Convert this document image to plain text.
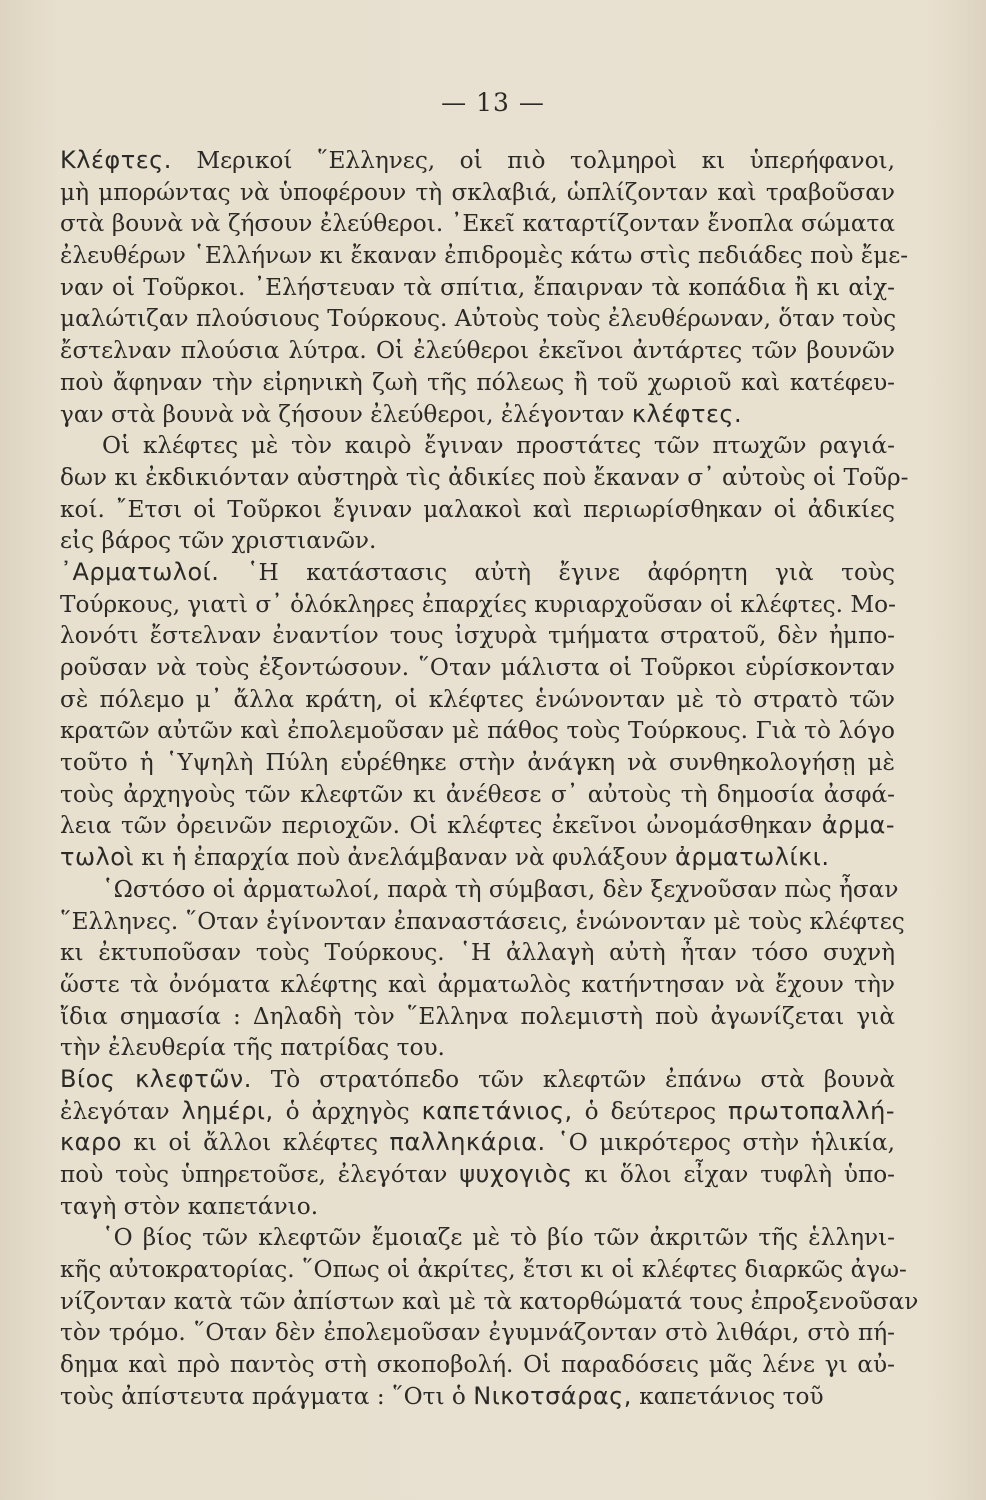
— 13 —
Κλέφτες. Μερικοί ῞Ελληνες, οἱ πιὸ τολμηροὶ κι ὑπερήφανοι,
μὴ μπορώντας νὰ ὑποφέρουν τὴ σκλαβιά, ὡπλίζονταν καὶ τραβοῦσαν
στὰ βουνὰ νὰ ζήσουν ἐλεύθεροι. ᾿Εκεῖ καταρτίζονταν ἔνοπλα σώματα
ἐλευθέρων ῾Ελλήνων κι ἔκαναν ἐπιδρομὲς κάτω στὶς πεδιάδες ποὺ ἔμε-
ναν οἱ Τοῦρκοι. ᾿Ελήστευαν τὰ σπίτια, ἔπαιρναν τὰ κοπάδια ἢ κι αἰχ-
μαλώτιζαν πλούσιους Τούρκους. Αὐτοὺς τοὺς ἐλευθέρωναν, ὅταν τοὺς
ἔστελναν πλούσια λύτρα. Οἱ ἐλεύθεροι ἐκεῖνοι ἀντάρτες τῶν βουνῶν
ποὺ ἄφηναν τὴν εἰρηνικὴ ζωὴ τῆς πόλεως ἢ τοῦ χωριοῦ καὶ κατέφευ-
γαν στὰ βουνὰ νὰ ζήσουν ἐλεύθεροι, ἐλέγονταν κλέφτες.
Οἱ κλέφτες μὲ τὸν καιρὸ ἔγιναν προστάτες τῶν πτωχῶν ραγιά-
δων κι ἐκδικιόνταν αὐστηρὰ τὶς ἀδικίες ποὺ ἔκαναν σ᾿ αὐτοὺς οἱ Τοῦρ-
κοί. ῎Ετσι οἱ Τοῦρκοι ἔγιναν μαλακοὶ καὶ περιωρίσθηκαν οἱ ἀδικίες
εἰς βάρος τῶν χριστιανῶν.
᾿Αρματωλοί. ῾Η κατάστασις αὐτὴ ἔγινε ἀφόρητη γιὰ τοὺς
Τούρκους, γιατὶ σ᾿ ὁλόκληρες ἐπαρχίες κυριαρχοῦσαν οἱ κλέφτες. Μο-
λονότι ἔστελναν ἐναντίον τους ἰσχυρὰ τμήματα στρατοῦ, δὲν ἠμπο-
ροῦσαν νὰ τοὺς ἐξοντώσουν. ῞Οταν μάλιστα οἱ Τοῦρκοι εὑρίσκονταν
σὲ πόλεμο μ᾿ ἄλλα κράτη, οἱ κλέφτες ἑνώνονταν μὲ τὸ στρατὸ τῶν
κρατῶν αὐτῶν καὶ ἐπολεμοῦσαν μὲ πάθος τοὺς Τούρκους. Γιὰ τὸ λόγο
τοῦτο ἡ ῾Υψηλὴ Πύλη εὑρέθηκε στὴν ἀνάγκη νὰ συνθηκολογήσῃ μὲ
τοὺς ἀρχηγοὺς τῶν κλεφτῶν κι ἀνέθεσε σ᾿ αὐτοὺς τὴ δημοσία ἀσφά-
λεια τῶν ὀρεινῶν περιοχῶν. Οἱ κλέφτες ἐκεῖνοι ὠνομάσθηκαν ἀρμα-
τωλοὶ κι ἡ ἐπαρχία ποὺ ἀνελάμβαναν νὰ φυλάξουν ἀρματωλίκι.
῾Ωστόσο οἱ ἀρματωλοί, παρὰ τὴ σύμβασι, δὲν ξεχνοῦσαν πὼς ἦσαν
῞Ελληνες. ῞Οταν ἐγίνονταν ἐπαναστάσεις, ἑνώνονταν μὲ τοὺς κλέφτες
κι ἐκτυποῦσαν τοὺς Τούρκους. ῾Η ἀλλαγὴ αὐτὴ ἦταν τόσο συχνὴ
ὥστε τὰ ὀνόματα κλέφτης καὶ ἀρματωλὸς κατήντησαν νὰ ἔχουν τὴν
ἴδια σημασία : Δηλαδὴ τὸν ῞Ελληνα πολεμιστὴ ποὺ ἀγωνίζεται γιὰ
τὴν ἐλευθερία τῆς πατρίδας του.
Βίος κλεφτῶν. Τὸ στρατόπεδο τῶν κλεφτῶν ἐπάνω στὰ βουνὰ
ἐλεγόταν λημέρι, ὁ ἀρχηγὸς καπετάνιος, ὁ δεύτερος πρωτοπαλλή-
καρο κι οἱ ἄλλοι κλέφτες παλληκάρια. ῾Ο μικρότερος στὴν ἡλικία,
ποὺ τοὺς ὑπηρετοῦσε, ἐλεγόταν ψυχογιὸς κι ὅλοι εἶχαν τυφλὴ ὑπο-
ταγὴ στὸν καπετάνιο.
῾Ο βίος τῶν κλεφτῶν ἔμοιαζε μὲ τὸ βίο τῶν ἀκριτῶν τῆς ἑλληνι-
κῆς αὐτοκρατορίας. ῞Οπως οἱ ἀκρίτες, ἔτσι κι οἱ κλέφτες διαρκῶς ἀγω-
νίζονταν κατὰ τῶν ἀπίστων καὶ μὲ τὰ κατορθώματά τους ἐπροξενοῦσαν
τὸν τρόμο. ῞Οταν δὲν ἐπολεμοῦσαν ἐγυμνάζονταν στὸ λιθάρι, στὸ πή-
δημα καὶ πρὸ παντὸς στὴ σκοποβολή. Οἱ παραδόσεις μᾶς λένε γι αὐ-
τοὺς ἀπίστευτα πράγματα : ῞Οτι ὁ Νικοτσάρας, καπετάνιος τοῦ
